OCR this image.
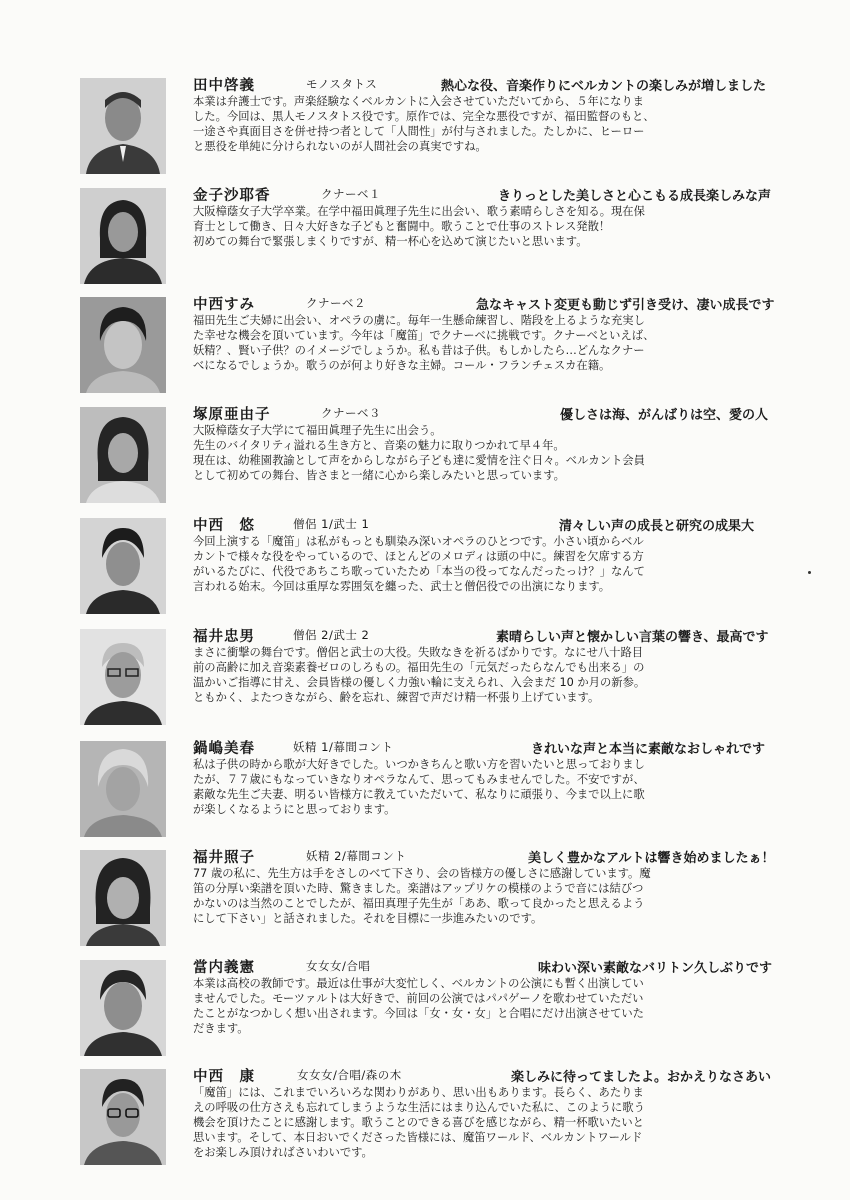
田中啓義	モノスタトス	熱心な役、音楽作りにベルカントの楽しみが増しました
本業は弁護士です。声楽経験なくベルカントに入会させていただいてから、５年になりま
した。今回は、黒人モノスタトス役です。原作では、完全な悪役ですが、福田監督のもと、
一途さや真面目さを併せ持つ者として「人間性」が付与されました。たしかに、ヒーロー
と悪役を単純に分けられないのが人間社会の真実ですね。
金子沙耶香	クナーベ１	きりっとした美しさと心こもる成長楽しみな声
大阪樟蔭女子大学卒業。在学中福田眞理子先生に出会い、歌う素晴らしさを知る。現在保
育士として働き、日々大好きな子どもと奮闘中。歌うことで仕事のストレス発散！
初めての舞台で緊張しまくりですが、精一杯心を込めて演じたいと思います。
中西すみ	クナーベ２	急なキャスト変更も動じず引き受け、凄い成長です
福田先生ご夫婦に出会い、オペラの虜に。毎年一生懸命練習し、階段を上るような充実し
た幸せな機会を頂いています。今年は「魔笛」でクナーベに挑戦です。クナーベといえば、
妖精？、賢い子供？のイメージでしょうか。私も昔は子供。もしかしたら…どんなクナー
べになるでしょうか。歌うのが何より好きな主婦。コール・フランチェスカ在籍。
塚原亜由子	クナーベ３	優しさは海、がんばりは空、愛の人
大阪樟蔭女子大学にて福田眞理子先生に出会う。
先生のバイタリティ溢れる生き方と、音楽の魅力に取りつかれて早４年。
現在は、幼稚園教諭として声をからしながら子ども達に愛情を注ぐ日々。ベルカント会員
として初めての舞台、皆さまと一緒に心から楽しみたいと思っています。
中西　悠	僧侶 1/武士 1	清々しい声の成長と研究の成果大
今回上演する「魔笛」は私がもっとも馴染み深いオペラのひとつです。小さい頃からベル
カントで様々な役をやっているので、ほとんどのメロディは頭の中に。練習を欠席する方
がいるたびに、代役であちこち歌っていたため「本当の役ってなんだったっけ？」なんて
言われる始末。今回は重厚な雰囲気を纏った、武士と僧侶役での出演になります。
福井忠男	僧侶 2/武士 2	素晴らしい声と懐かしい言葉の響き、最高です
まさに衝撃の舞台です。僧侶と武士の大役。失敗なきを祈るばかりです。なにせ八十路目
前の高齢に加え音楽素養ゼロのしろもの。福田先生の「元気だったらなんでも出来る」の
温かいご指導に甘え、会員皆様の優しく力強い輪に支えられ、入会まだ 10 か月の新参。
ともかく、よたつきながら、齢を忘れ、練習で声だけ精一杯張り上げています。
鍋嶋美春	妖精 1/幕間コント	きれいな声と本当に素敵なおしゃれです
私は子供の時から歌が大好きでした。いつかきちんと歌い方を習いたいと思っておりまし
たが、７７歳にもなっていきなりオペラなんて、思ってもみませんでした。不安ですが、
素敵な先生ご夫妻、明るい皆様方に教えていただいて、私なりに頑張り、今まで以上に歌
が楽しくなるようにと思っております。
福井照子	妖精 2/幕間コント	美しく豊かなアルトは響き始めましたぁ！
77 歳の私に、先生方は手をさしのべて下さり、会の皆様方の優しさに感謝しています。魔
笛の分厚い楽譜を頂いた時、驚きました。楽譜はアップリケの模様のようで音には結びつ
かないのは当然のことでしたが、福田真理子先生が「ああ、歌って良かったと思えるよう
にして下さい」と話されました。それを目標に一歩進みたいのです。
當内義憲	女女女/合唱	味わい深い素敵なバリトン久しぶりです
本業は高校の教師です。最近は仕事が大変忙しく、ベルカントの公演にも暫く出演してい
ませんでした。モーツァルトは大好きで、前回の公演ではパパゲーノを歌わせていただい
たことがなつかしく想い出されます。今回は「女・女・女」と合唱にだけ出演させていた
だきます。
中西　康	女女女/合唱/森の木	楽しみに待ってましたよ。おかえりなさあい
「魔笛」には、これまでいろいろな関わりがあり、思い出もあります。長らく、あたりま
えの呼吸の仕方さえも忘れてしまうような生活にはまり込んでいた私に、このように歌う
機会を頂けたことに感謝します。歌うことのできる喜びを感じながら、精一杯歌いたいと
思います。そして、本日おいでくださった皆様には、魔笛ワールド、ベルカントワールド
をお楽しみ頂ければさいわいです。
